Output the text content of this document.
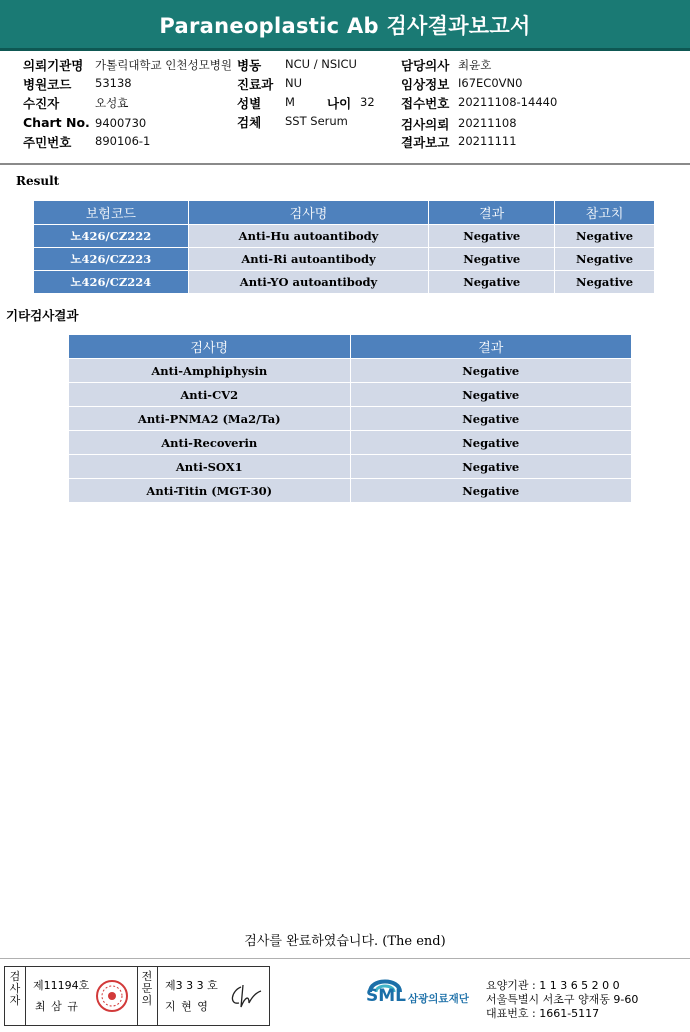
Paraneoplastic Ab 검사결과보고서
의뢰기관명 가톨릭대학교 인천성모병원
병원코드 53138
수진자	오성효
Chart No. 9400730
주민번호 890106-1
병동 NCU / NSICU
진료과 NU
성별 M	나이 32
검체 SST Serum
담당의사 최윤호
임상정보 I67EC0VN0
접수번호 20211108-14440
검사의뢰 20211108
결과보고 20211111
Result
보험코드	검사명	결과	참고치
노426/CZ222	Anti-Hu autoantibody	Negative	Negative
노426/CZ223	Anti-Ri autoantibody	Negative	Negative
노426/CZ224	Anti-YO autoantibody	Negative	Negative
기타검사결과
검사명	결과
Anti-Amphiphysin	Negative
Anti-CV2	Negative
Anti-PNMA2 (Ma2/Ta)	Negative
Anti-Recoverin	Negative
Anti-SOX1	Negative
Anti-Titin (MGT-30)	Negative
검사를 완료하였습니다. (The end)
검사자
제11194호
최 삼 규
전문의
제3 3 3 호
지 현 영
SML 삼광의료재단
요양기관 : 1 1 3 6 5 2 0 0
서울특별시 서초구 양재동 9-60
대표번호 : 1661-5117
